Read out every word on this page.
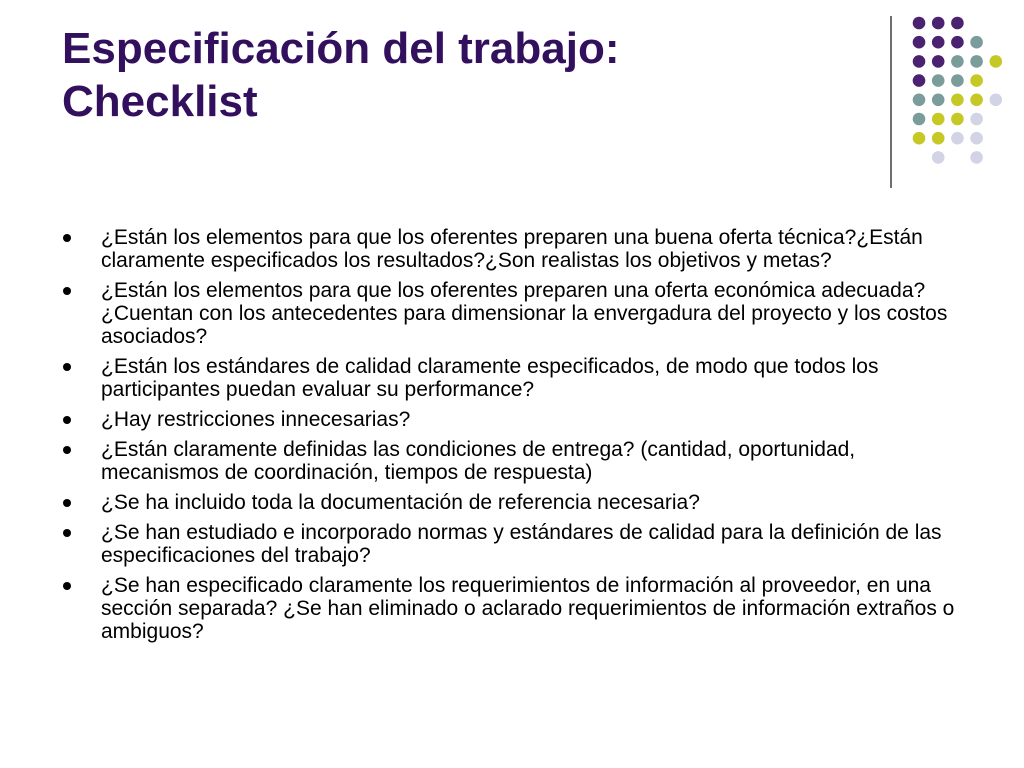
Especificación del trabajo:
Checklist
¿Están los elementos para que los oferentes preparen una buena oferta técnica?¿Están claramente especificados los resultados?¿Son realistas los objetivos y metas?
¿Están los elementos para que los oferentes preparen una oferta económica adecuada? ¿Cuentan con los antecedentes para dimensionar la envergadura del proyecto y los costos asociados?
¿Están los estándares de calidad claramente especificados, de modo que todos los participantes puedan evaluar su performance?
¿Hay restricciones innecesarias?
¿Están claramente definidas las condiciones de entrega? (cantidad, oportunidad, mecanismos de coordinación, tiempos de respuesta)
¿Se ha incluido toda la documentación de referencia necesaria?
¿Se han estudiado e incorporado normas y estándares de calidad para la definición de las especificaciones del trabajo?
¿Se han especificado claramente los requerimientos de información al proveedor, en una sección separada? ¿Se han eliminado o aclarado requerimientos de información extraños o ambiguos?
